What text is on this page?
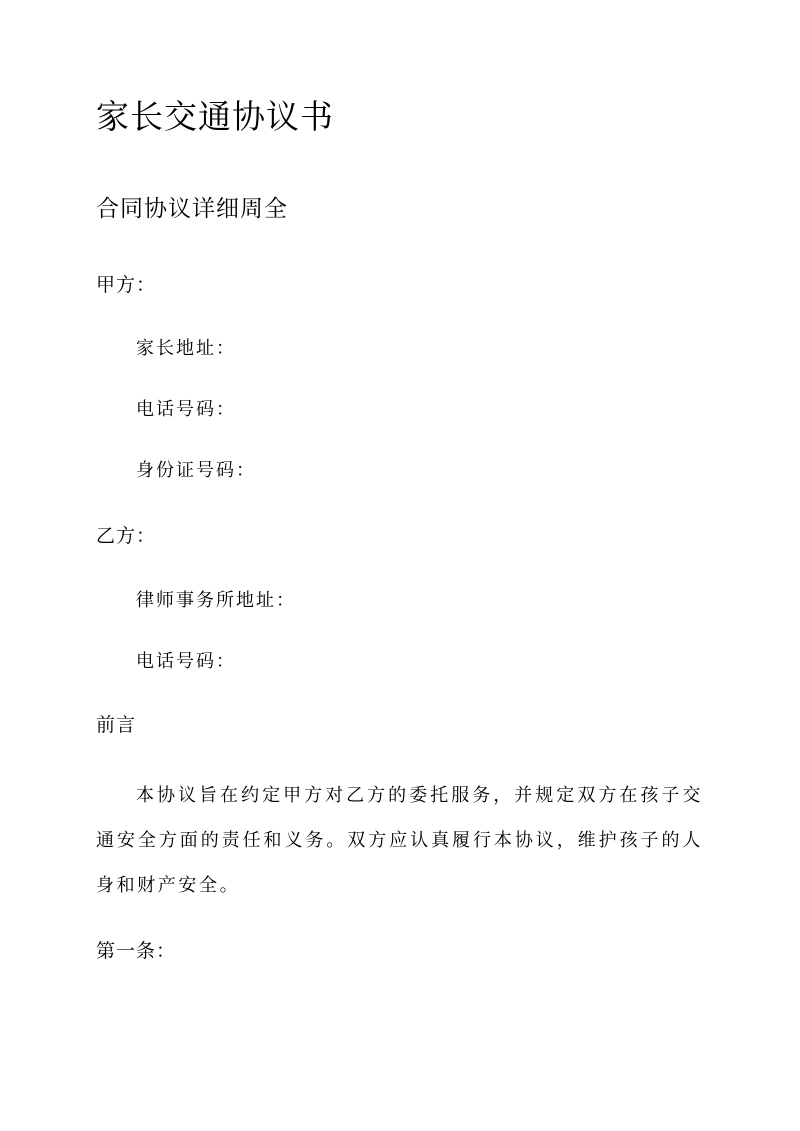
家长交通协议书
合同协议详细周全
甲方：
家长地址：
电话号码：
身份证号码：
乙方：
律师事务所地址：
电话号码：
前言
本协议旨在约定甲方对乙方的委托服务，并规定双方在孩子交通安全方面的责任和义务。双方应认真履行本协议，维护孩子的人身和财产安全。
第一条：
